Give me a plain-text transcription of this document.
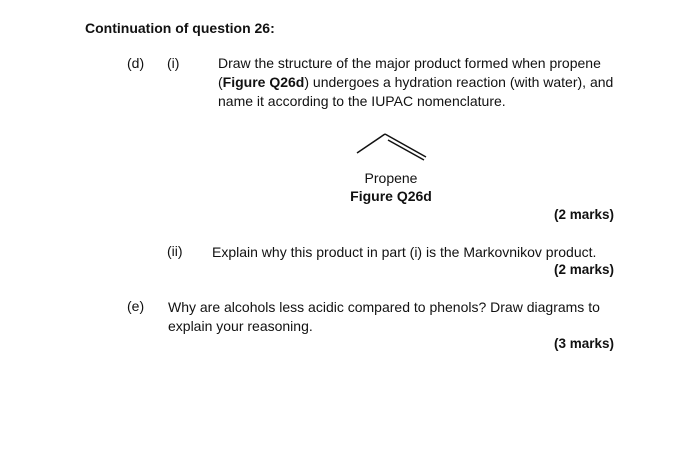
Continuation of question 26:
(d) (i)	Draw the structure of the major product formed when propene
(Figure Q26d) undergoes a hydration reaction (with water), and
name it according to the IUPAC nomenclature.
Propene
Figure Q26d
(2 marks)
(ii) Explain why this product in part (i) is the Markovnikov product.
(2 marks)
(e) Why are alcohols less acidic compared to phenols? Draw diagrams to
explain your reasoning.
(3 marks)
